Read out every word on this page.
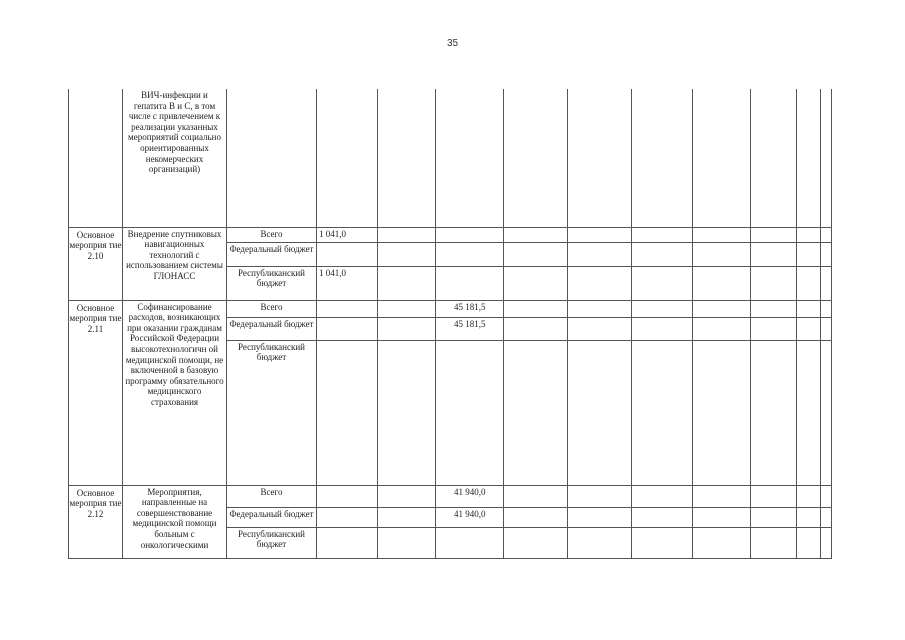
35
	ВИЧ-инфекции и гепатита B и C, в том числе с привлечением к реализации указанных мероприятий социально ориентированных некомерческих организаций)											
Основное мероприя тие 2.10	Внедрение спутниковых навигационных технологий с использованием системы ГЛОНАСС	Всего	1 041,0									
		Федеральный бюджет										
		Республиканский бюджет	1 041,0									
Основное мероприя тие 2.11	Софинансирование расходов, возникающих при оказании гражданам Российской Федерации высокотехнологичн ой медицинской помощи, не включенной в базовую программу обязательного медицинского страхования	Всего			45 181,5							
		Федеральный бюджет			45 181,5							
		Республиканский бюджет										
Основное мероприя тие 2.12	Мероприятия, направленные на совершенствование медицинской помощи больным с онкологическими	Всего			41 940,0							
		Федеральный бюджет			41 940,0							
		Республиканский бюджет										
